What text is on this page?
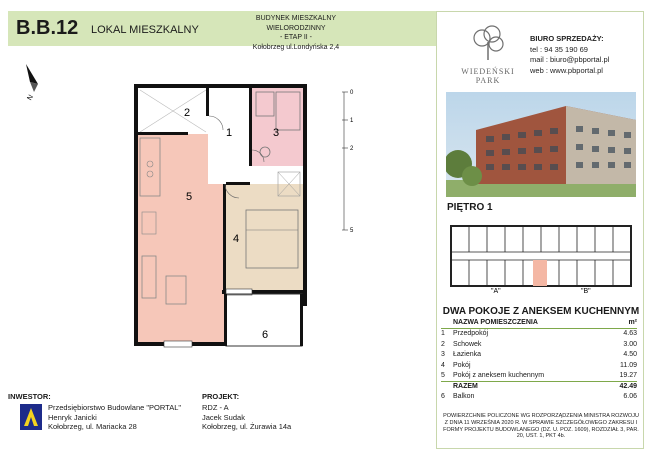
B.B.12 LOKAL MIESZKALNY
BUDYNEK MIESZKALNY WIELORODZINNY
- ETAP II -
Kołobrzeg ul.Londyńska 2,4
N
2
1	3
4
5
6
0
1
2
5
WIEDEŃSKI
PARK
BIURO SPRZEDAŻY:
tel : 94 35 190 69
mail : biuro@pbportal.pl
web : www.pbportal.pl
PIĘTRO 1
"A"	"B"
DWA POKOJE Z ANEKSEM KUCHENNYM
NAZWA POMIESZCZENIA	m²
1	Przedpokój	4.63
2	Schowek	3.00
3	Łazienka	4.50
4	Pokój	11.09
5	Pokój z aneksem kuchennym	19.27
RAZEM	42.49
6	Balkon	6.06
POWIERZCHNIE POLICZONE WG ROZPORZĄDZENIA MINISTRA ROZWOJU Z DNIA 11 WRZEŚNIA 2020 R. W SPRAWIE SZCZEGÓŁOWEGO ZAKRESU I FORMY PROJEKTU BUDOWLANEGO (DZ. U. POZ. 1609), ROZDZIAŁ 3, PAR. 20, UST. 1, PKT 4b.
INWESTOR:
Przedsiębiorstwo Budowlane "PORTAL"
Henryk Janicki
Kołobrzeg, ul. Mariacka 28
PROJEKT:
RDZ - A
Jacek Sudak
Kołobrzeg, ul. Żurawia 14a
